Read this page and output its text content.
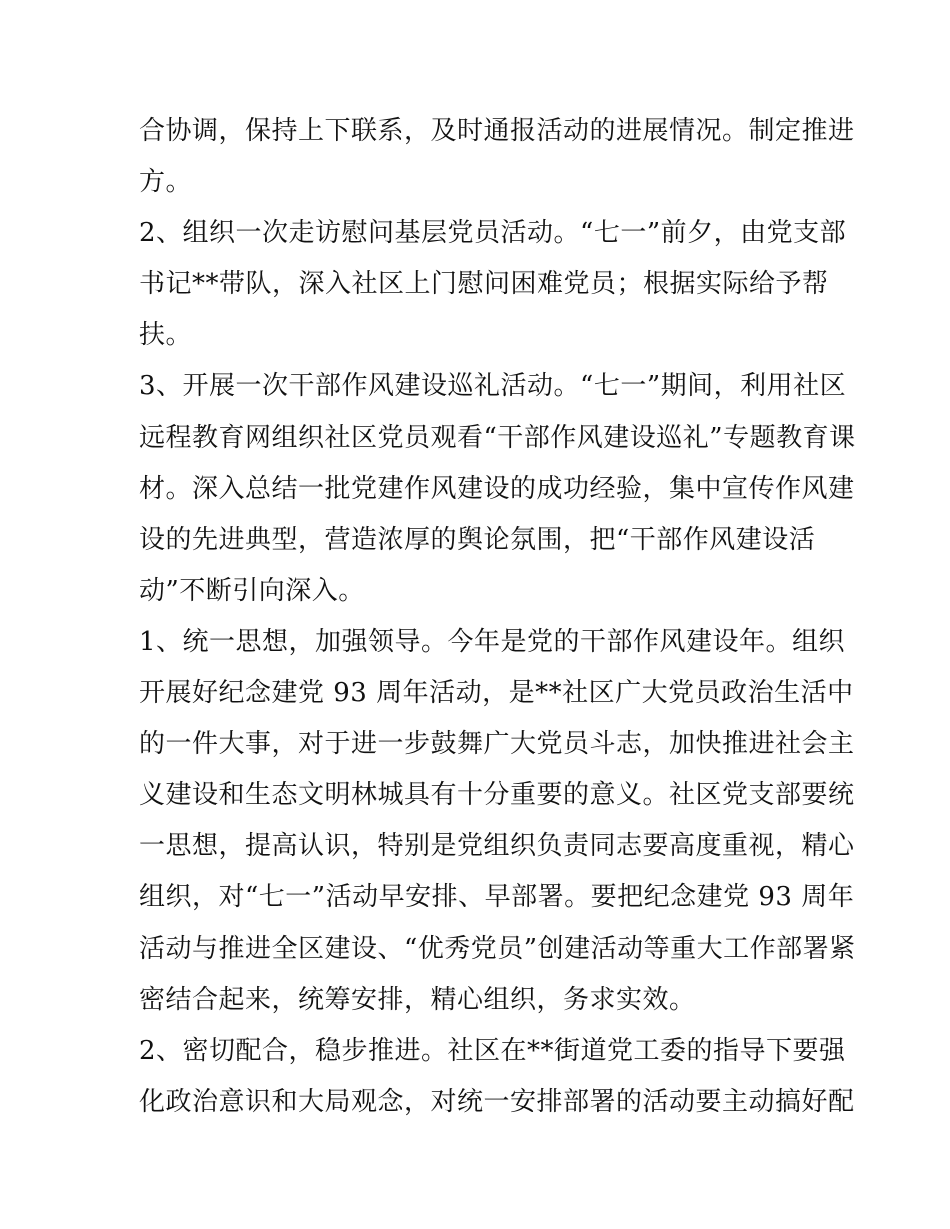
合协调，保持上下联系，及时通报活动的进展情况。制定推进
方。
2、组织一次走访慰问基层党员活动。“七一”前夕，由党支部
书记**带队，深入社区上门慰问困难党员；根据实际给予帮
扶。
3、开展一次干部作风建设巡礼活动。“七一”期间，利用社区
远程教育网组织社区党员观看“干部作风建设巡礼”专题教育课
材。深入总结一批党建作风建设的成功经验，集中宣传作风建
设的先进典型，营造浓厚的舆论氛围，把“干部作风建设活
动”不断引向深入。
1、统一思想，加强领导。今年是党的干部作风建设年。组织
开展好纪念建党 93 周年活动，是**社区广大党员政治生活中
的一件大事，对于进一步鼓舞广大党员斗志，加快推进社会主
义建设和生态文明林城具有十分重要的意义。社区党支部要统
一思想，提高认识，特别是党组织负责同志要高度重视，精心
组织，对“七一”活动早安排、早部署。要把纪念建党 93 周年
活动与推进全区建设、“优秀党员”创建活动等重大工作部署紧
密结合起来，统筹安排，精心组织，务求实效。
2、密切配合，稳步推进。社区在**街道党工委的指导下要强
化政治意识和大局观念，对统一安排部署的活动要主动搞好配
